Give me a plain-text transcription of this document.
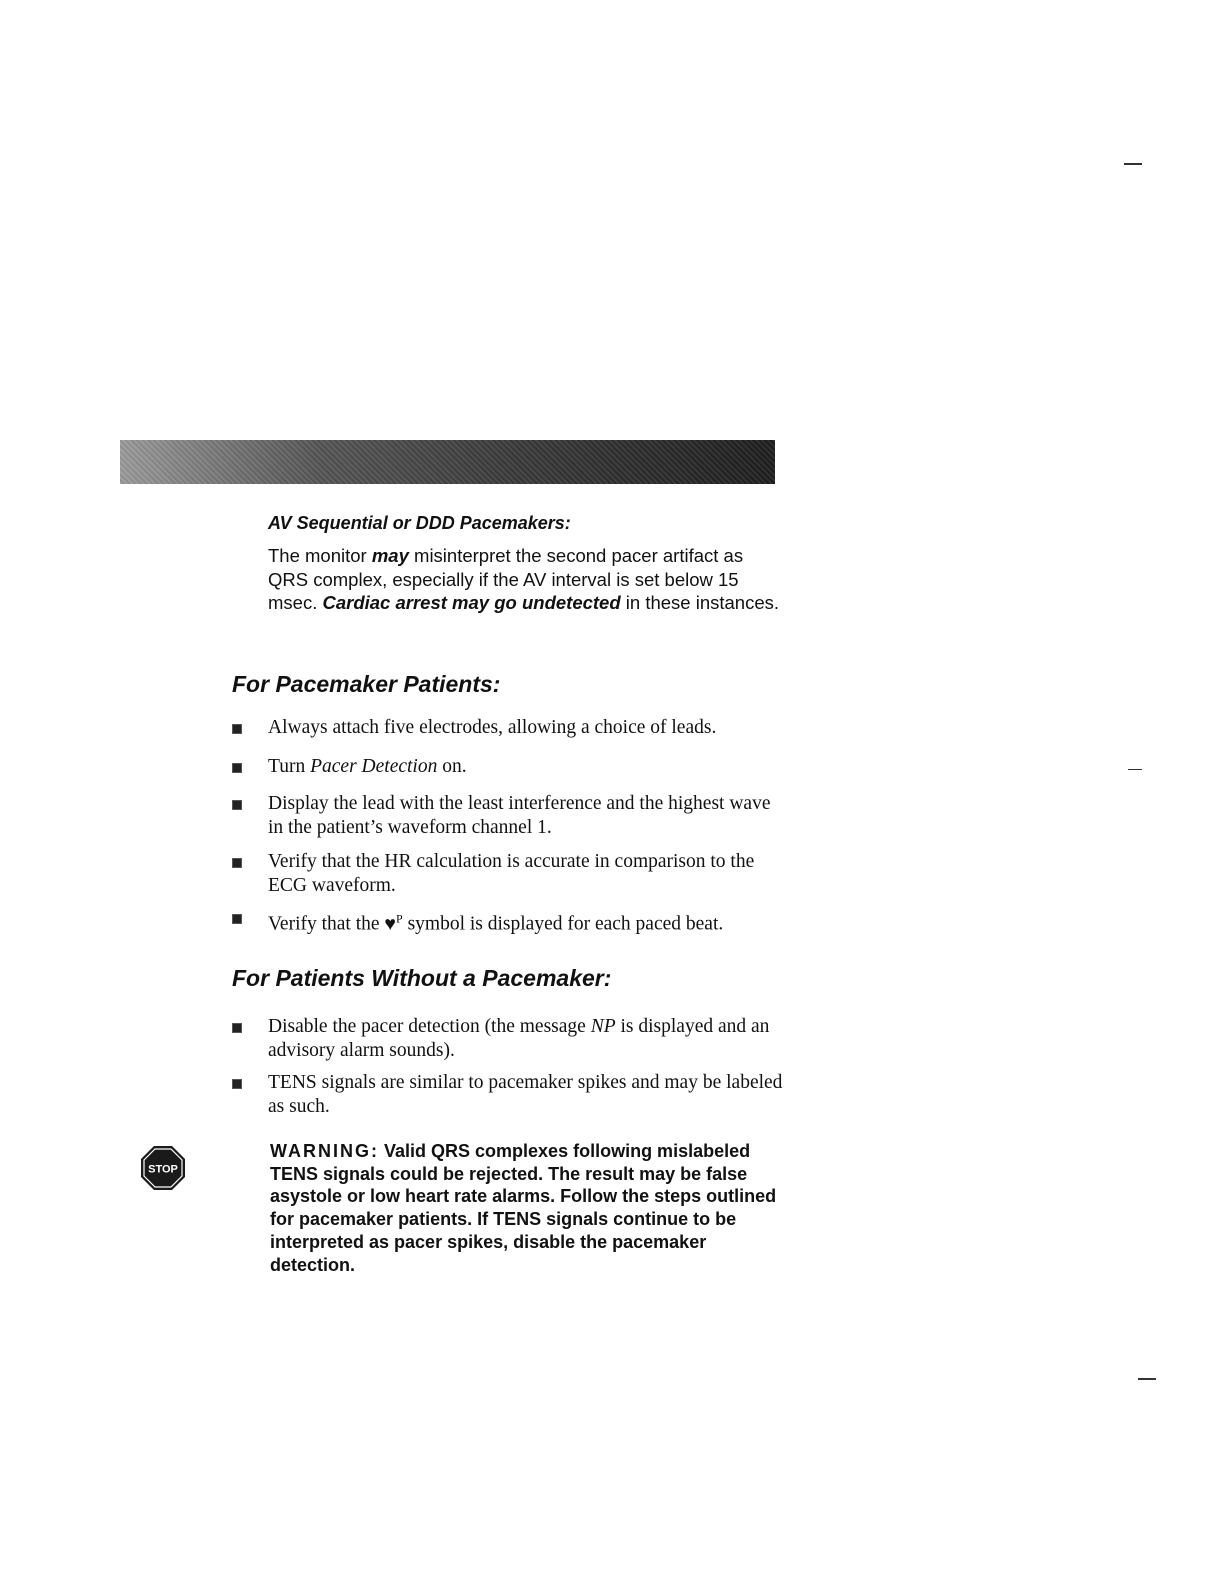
AV Sequential or DDD Pacemakers:
The monitor may misinterpret the second pacer artifact as QRS complex, especially if the AV interval is set below 15 msec. Cardiac arrest may go undetected in these instances.
For Pacemaker Patients:
Always attach five electrodes, allowing a choice of leads.
Turn Pacer Detection on.
Display the lead with the least interference and the highest wave in the patient’s waveform channel 1.
Verify that the HR calculation is accurate in comparison to the ECG waveform.
Verify that the ♥$^P$ symbol is displayed for each paced beat.
For Patients Without a Pacemaker:
Disable the pacer detection (the message NP is displayed and an advisory alarm sounds).
TENS signals are similar to pacemaker spikes and may be labeled as such.
STOP
WARNING: Valid QRS complexes following mislabeled TENS signals could be rejected. The result may be false asystole or low heart rate alarms. Follow the steps outlined for pacemaker patients. If TENS signals continue to be interpreted as pacer spikes, disable the pacemaker detection.
